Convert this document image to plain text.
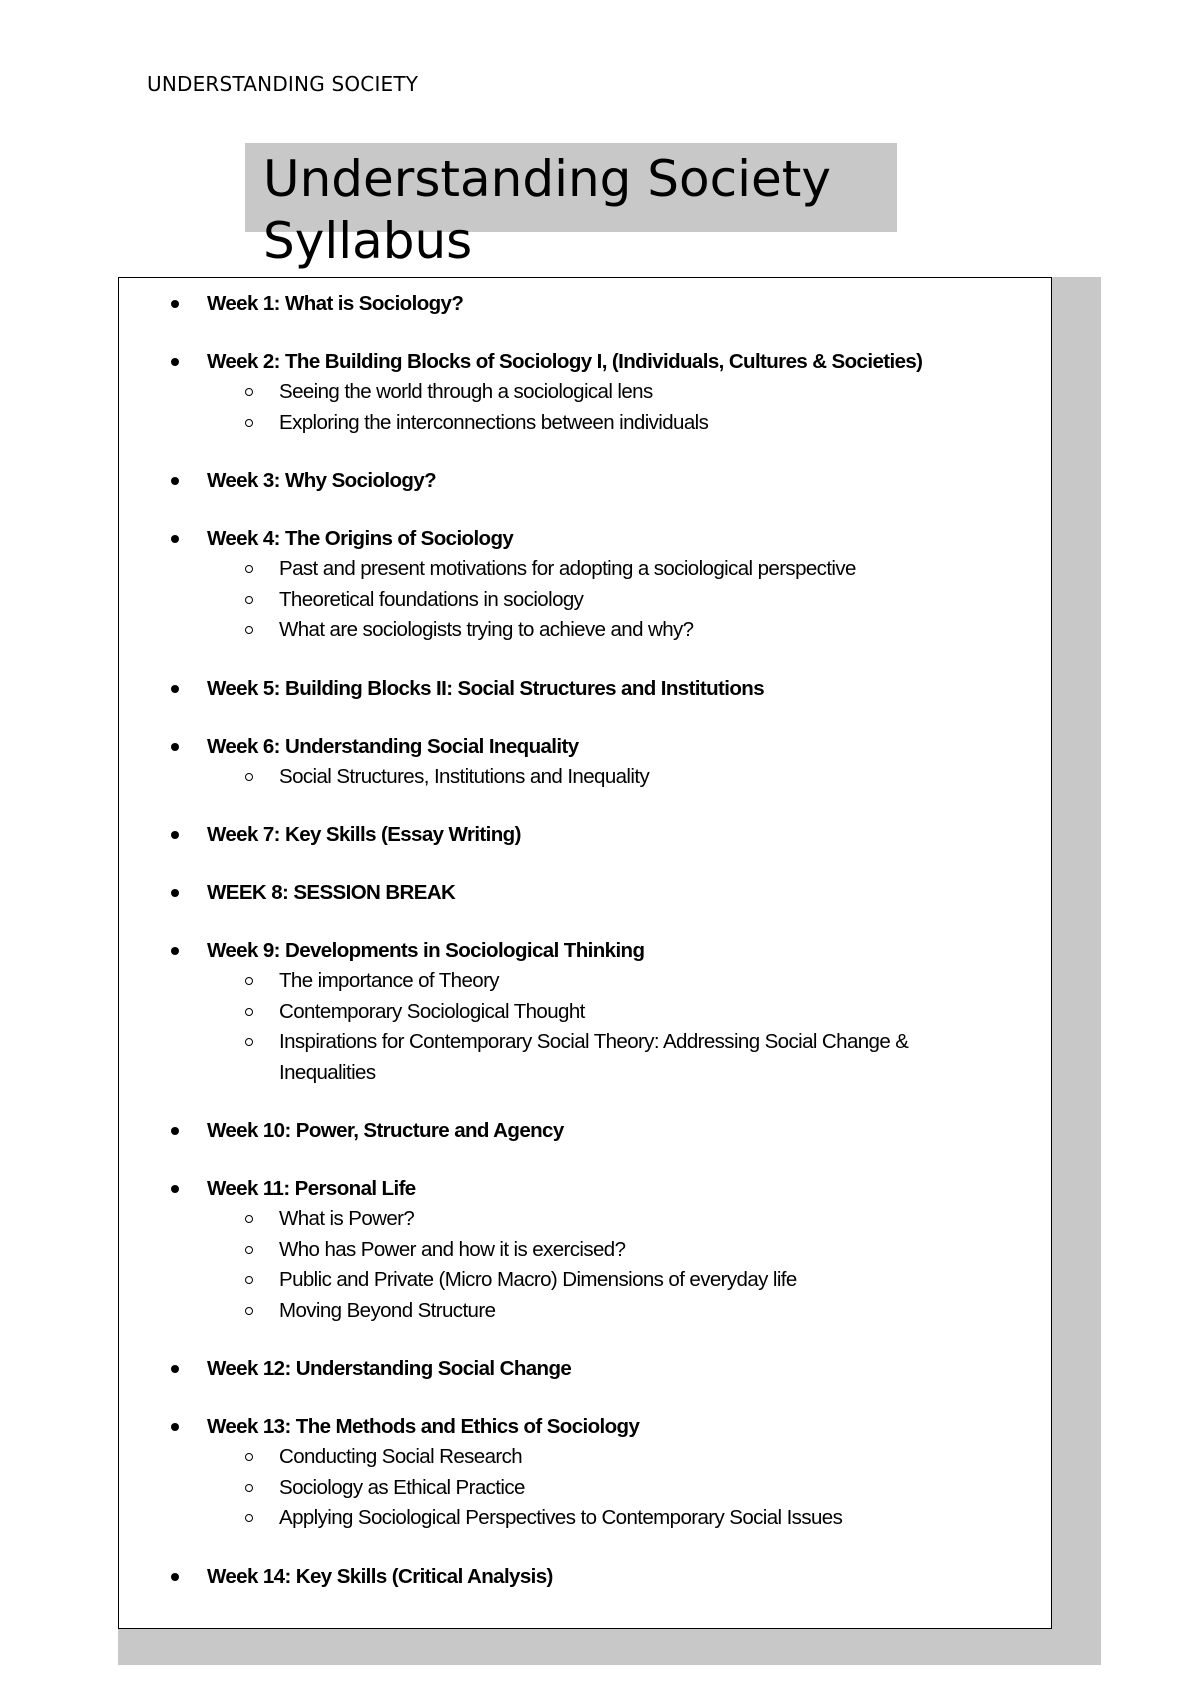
UNDERSTANDING SOCIETY
Understanding Society
Syllabus
Week 1: What is Sociology?
Week 2: The Building Blocks of Sociology I, (Individuals, Cultures & Societies)
Seeing the world through a sociological lens
Exploring the interconnections between individuals
Week 3: Why Sociology?
Week 4: The Origins of Sociology
Past and present motivations for adopting a sociological perspective
Theoretical foundations in sociology
What are sociologists trying to achieve and why?
Week 5: Building Blocks II: Social Structures and Institutions
Week 6: Understanding Social Inequality
Social Structures, Institutions and Inequality
Week 7: Key Skills (Essay Writing)
WEEK 8: SESSION BREAK
Week 9: Developments in Sociological Thinking
The importance of Theory
Contemporary Sociological Thought
Inspirations for Contemporary Social Theory: Addressing Social Change & Inequalities
Week 10: Power, Structure and Agency
Week 11: Personal Life
What is Power?
Who has Power and how it is exercised?
Public and Private (Micro Macro) Dimensions of everyday life
Moving Beyond Structure
Week 12: Understanding Social Change
Week 13: The Methods and Ethics of Sociology
Conducting Social Research
Sociology as Ethical Practice
Applying Sociological Perspectives to Contemporary Social Issues
Week 14: Key Skills (Critical Analysis)
